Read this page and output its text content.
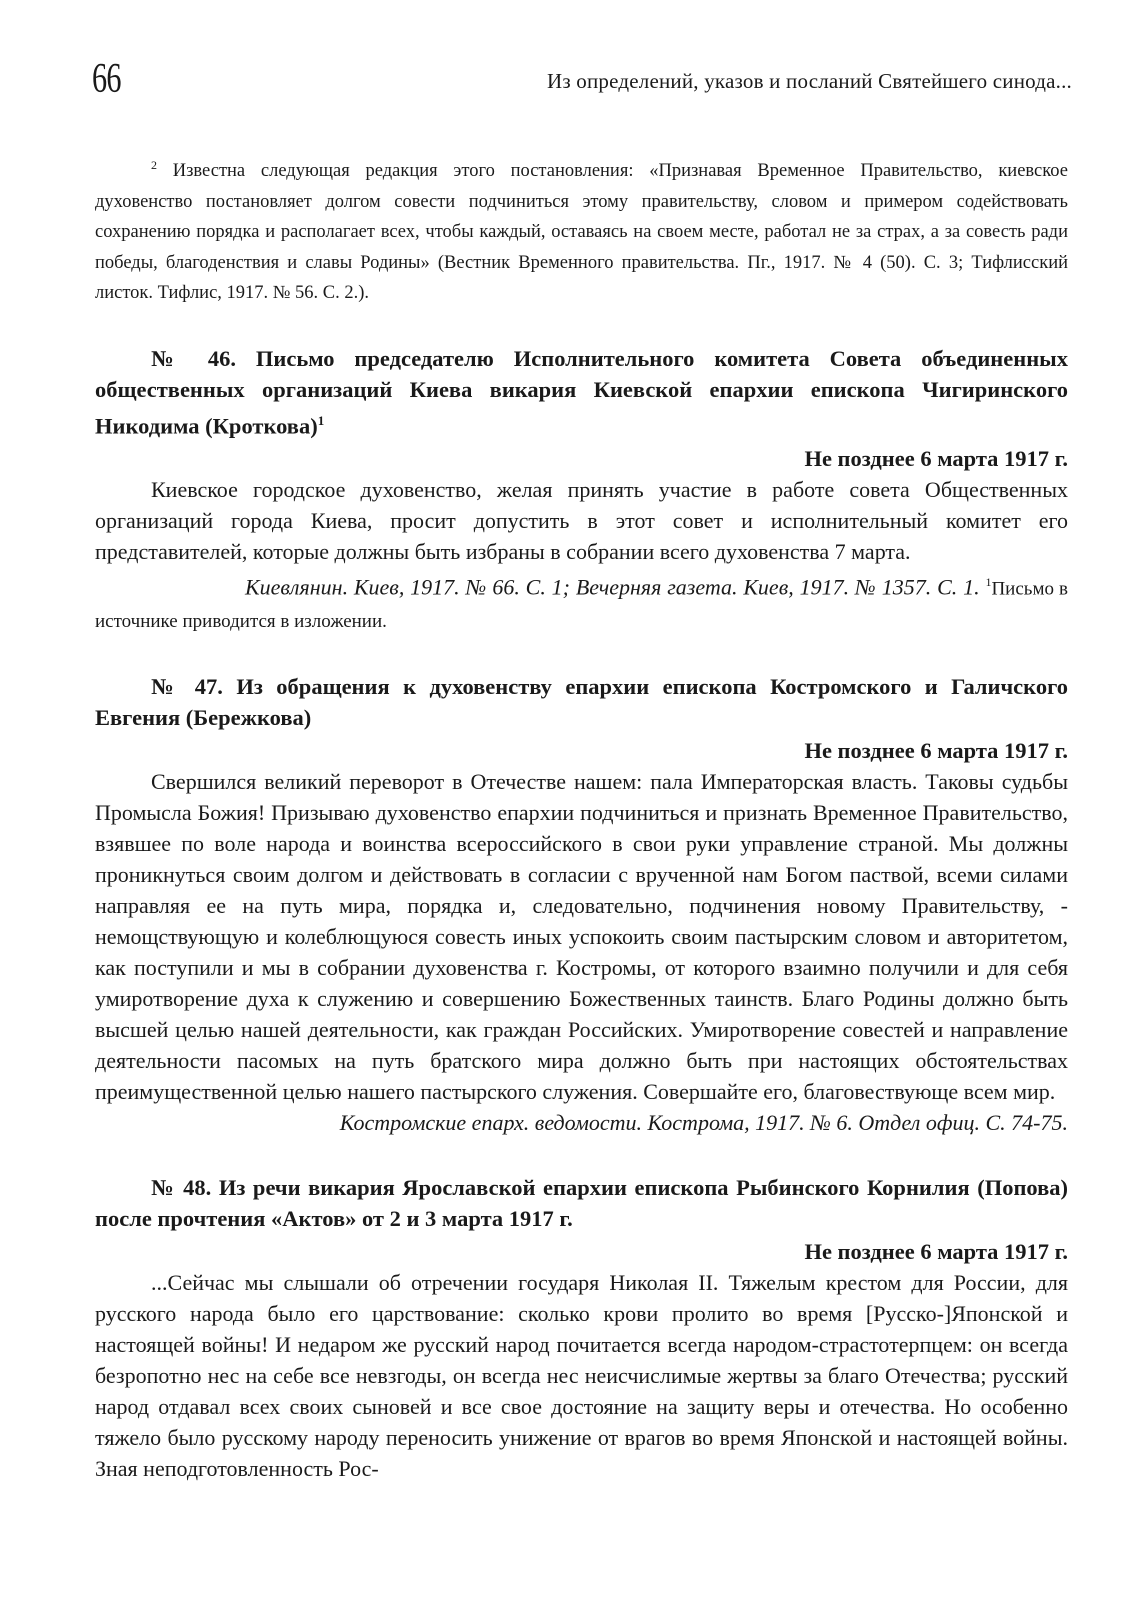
66	Из определений, указов и посланий Святейшего синода...

$^2$ Известна следующая редакция этого постановления: «Признавая Временное Правительство, киевское духовенство постановляет долгом совести подчиниться этому правительству, словом и примером содействовать сохранению порядка и располагает всех, чтобы каждый, оставаясь на своем месте, работал не за страх, а за совесть ради победы, благоденствия и славы Родины» (Вестник Временного правительства. Пг., 1917. № 4 (50). С. 3; Тифлисский листок. Тифлис, 1917. № 56. С. 2.).

№ 46. Письмо председателю Исполнительного комитета Совета объединенных общественных организаций Киева викария Киевской епархии епископа Чигиринского Никодима (Кроткова)$^1$

Не позднее 6 марта 1917 г.

Киевское городское духовенство, желая принять участие в работе совета Общественных организаций города Киева, просит допустить в этот совет и исполнительный комитет его представителей, которые должны быть избраны в собрании всего духовенства 7 марта.

Киевлянин. Киев, 1917. № 66. С. 1; Вечерняя газета. Киев, 1917. № 1357. С. 1. $^1$Письмо в источнике приводится в изложении.

№ 47. Из обращения к духовенству епархии епископа Костромского и Галичского Евгения (Бережкова)

Не позднее 6 марта 1917 г.

Свершился великий переворот в Отечестве нашем: пала Императорская власть. Таковы судьбы Промысла Божия! Призываю духовенство епархии подчиниться и признать Временное Правительство, взявшее по воле народа и воинства всероссийского в свои руки управление страной. Мы должны проникнуться своим долгом и действовать в согласии с врученной нам Богом паствой, всеми силами направляя ее на путь мира, порядка и, следовательно, подчинения новому Правительству, - немощствующую и колеблющуюся совесть иных успокоить своим пастырским словом и авторитетом, как поступили и мы в собрании духовенства г. Костромы, от которого взаимно получили и для себя умиротворение духа к служению и совершению Божественных таинств. Благо Родины должно быть высшей целью нашей деятельности, как граждан Российских. Умиротворение совестей и направление деятельности пасомых на путь братского мира должно быть при настоящих обстоятельствах преимущественной целью нашего пастырского служения. Совершайте его, благовествующе всем мир.

Костромские епарх. ведомости. Кострома, 1917. № 6. Отдел офиц. С. 74-75.

№ 48. Из речи викария Ярославской епархии епископа Рыбинского Корнилия (Попова) после прочтения «Актов» от 2 и 3 марта 1917 г.

Не позднее 6 марта 1917 г.

...Сейчас мы слышали об отречении государя Николая II. Тяжелым крестом для России, для русского народа было его царствование: сколько крови пролито во время [Русско-]Японской и настоящей войны! И недаром же русский народ почитается всегда народом-страстотерпцем: он всегда безропотно нес на себе все невзгоды, он всегда нес неисчислимые жертвы за благо Отечества; русский народ отдавал всех своих сыновей и все свое достояние на защиту веры и отечества. Но особенно тяжело было русскому народу переносить унижение от врагов во время Японской и настоящей войны. Зная неподготовленность Рос-
